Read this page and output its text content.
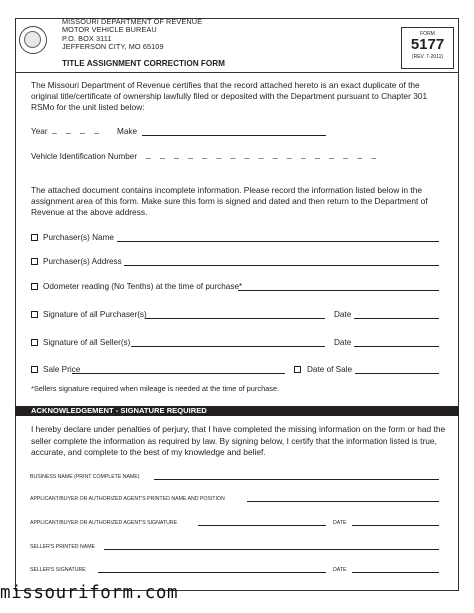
MISSOURI DEPARTMENT OF REVENUE
MOTOR VEHICLE BUREAU
P.O. BOX 3111
JEFFERSON CITY, MO 65109
TITLE ASSIGNMENT CORRECTION FORM
FORM
5177
(REV. 7-2011)
The Missouri Department of Revenue certifies that the record attached hereto is an exact duplicate of the original title/certificate of ownership lawfully filed or deposited with the Department pursuant to Chapter 301 RSMo for the unit listed below:
Year _ _ _ _ Make
Vehicle Identification Number _ _ _ _ _ _ _ _ _ _ _ _ _ _ _ _ _
The attached document contains incomplete information. Please record the information listed below in the assignment area of this form. Make sure this form is signed and dated and then return to the Department of Revenue at the above address.
Purchaser(s) Name
Purchaser(s) Address
Odometer reading (No Tenths) at the time of purchase*
Signature of all Purchaser(s)	Date
Signature of all Seller(s)	Date
Sale Price	Date of Sale
*Sellers signature required when mileage is needed at the time of purchase.
ACKNOWLEDGEMENT - SIGNATURE REQUIRED
I hereby declare under penalties of perjury, that I have completed the missing information on the form or had the seller complete the information as required by law. By signing below, I certify that the information listed is true, accurate, and complete to the best of my knowledge and belief.
BUSINESS NAME (PRINT COMPLETE NAME)
APPLICANT/BUYER OR AUTHORIZED AGENT'S PRINTED NAME AND POSITION
APPLICANT/BUYER OR AUTHORIZED AGENT'S SIGNATURE	DATE
SELLER'S PRINTED NAME
SELLER'S SIGNATURE	DATE
missouriform.com
